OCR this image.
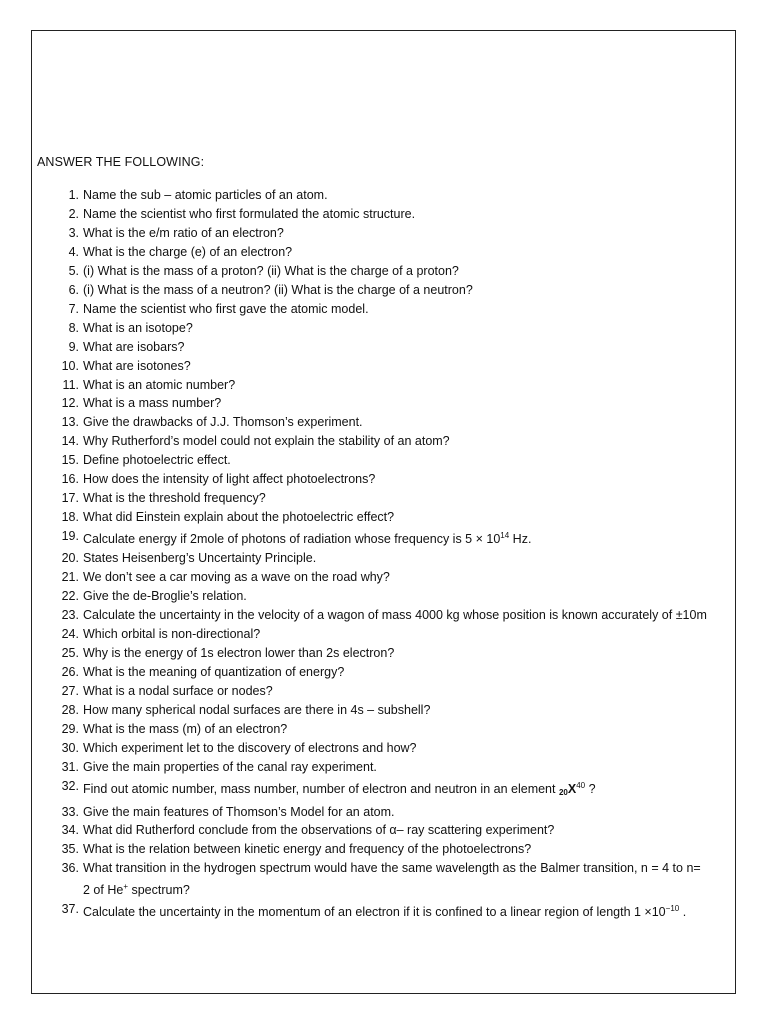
ANSWER THE FOLLOWING:
1. Name the sub – atomic particles of an atom.
2. Name the scientist who first formulated the atomic structure.
3. What is the e/m ratio of an electron?
4. What is the charge (e) of an electron?
5. (i) What is the mass of a proton? (ii) What is the charge of a proton?
6. (i) What is the mass of a neutron? (ii) What is the charge of a neutron?
7. Name the scientist who first gave the atomic model.
8. What is an isotope?
9. What are isobars?
10. What are isotones?
11. What is an atomic number?
12. What is a mass number?
13. Give the drawbacks of J.J. Thomson’s experiment.
14. Why Rutherford’s model could not explain the stability of an atom?
15. Define photoelectric effect.
16. How does the intensity of light affect photoelectrons?
17. What is the threshold frequency?
18. What did Einstein explain about the photoelectric effect?
19. Calculate energy if 2mole of photons of radiation whose frequency is $5 \times 10^{14}$ Hz.
20. States Heisenberg’s Uncertainty Principle.
21. We don’t see a car moving as a wave on the road why?
22. Give the de-Broglie’s relation.
23. Calculate the uncertainty in the velocity of a wagon of mass 4000 kg whose position is known accurately of ±10m
24. Which orbital is non-directional?
25. Why is the energy of 1s electron lower than 2s electron?
26. What is the meaning of quantization of energy?
27. What is a nodal surface or nodes?
28. How many spherical nodal surfaces are there in 4s – subshell?
29. What is the mass (m) of an electron?
30. Which experiment let to the discovery of electrons and how?
31. Give the main properties of the canal ray experiment.
32. Find out atomic number, mass number, number of electron and neutron in an element $_{20}X^{40}$ ?
33. Give the main features of Thomson’s Model for an atom.
34. What did Rutherford conclude from the observations of α– ray scattering experiment?
35. What is the relation between kinetic energy and frequency of the photoelectrons?
36. What transition in the hydrogen spectrum would have the same wavelength as the Balmer transition, n = 4 to n= 2 of He+ spectrum?
37. Calculate the uncertainty in the momentum of an electron if it is confined to a linear region of length $1 \times 10^{-10}$ .
